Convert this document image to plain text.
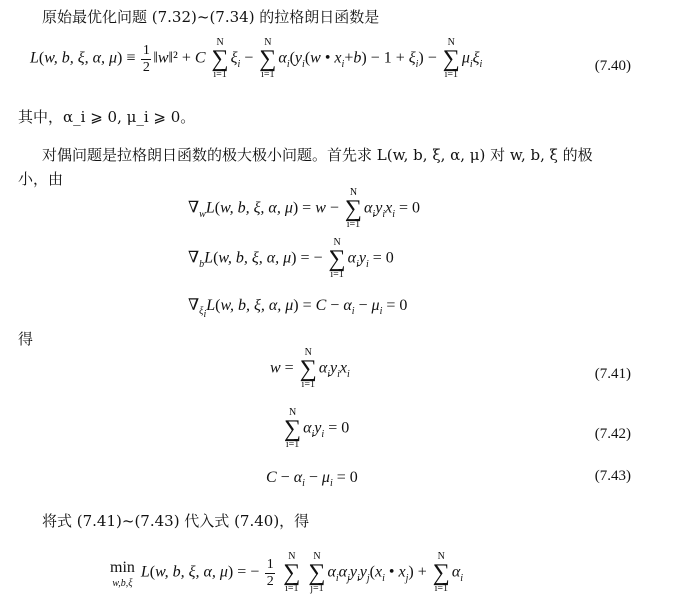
原始最优化问题 (7.32)~(7.34) 的拉格朗日函数是
L(w, b, ξ, α, $\mu) \equiv \frac{1}{2}$ ‖w‖² + C
N
∑
i=1
$\xi_i$ −
N
∑
i=1
$\alpha_i(y_i(w$ • $x_i+b) - 1 + \xi_i$) −
N
∑
i=1
$\mu_i\xi_i$	(7.40)
其中，α_i ⩾ 0, μ_i ⩾ 0。
对偶问题是拉格朗日函数的极大极小问题。首先求 L(w, b, ξ, α, μ) 对 w, b, ξ 的极
小，由
$\nabla_wL(w$, b, ξ, α, μ) = w −
N
∑
i=1
$\alpha_iy_ix_i = 0$
$\nabla_bL(w$, b, ξ, α, μ) = −
N
∑
i=1
$\alpha_iy_i = 0$
$\nabla_{\xi_i}L(w$, b, ξ, α, $\mu) = C - \alpha_i - \mu_i = 0$
得
w =
N
∑
i=1
$\alpha_iy_ix_i$	(7.41)
N
∑
i=1
$\alpha_iy_i = 0$	(7.42)
$C - \alpha_i - \mu_i = 0$	(7.43)
将式 (7.41)~(7.43) 代入式 (7.40)，得
min
w,b,ξ
L(w, b, ξ, α, μ) = − $\frac{1}{2}$

N
∑
i=1

N
∑
j=1
$\alpha_i\alpha_jy_iy_j(x_i$ • $x_j$) +
N
∑
i=1
$\alpha_i$
